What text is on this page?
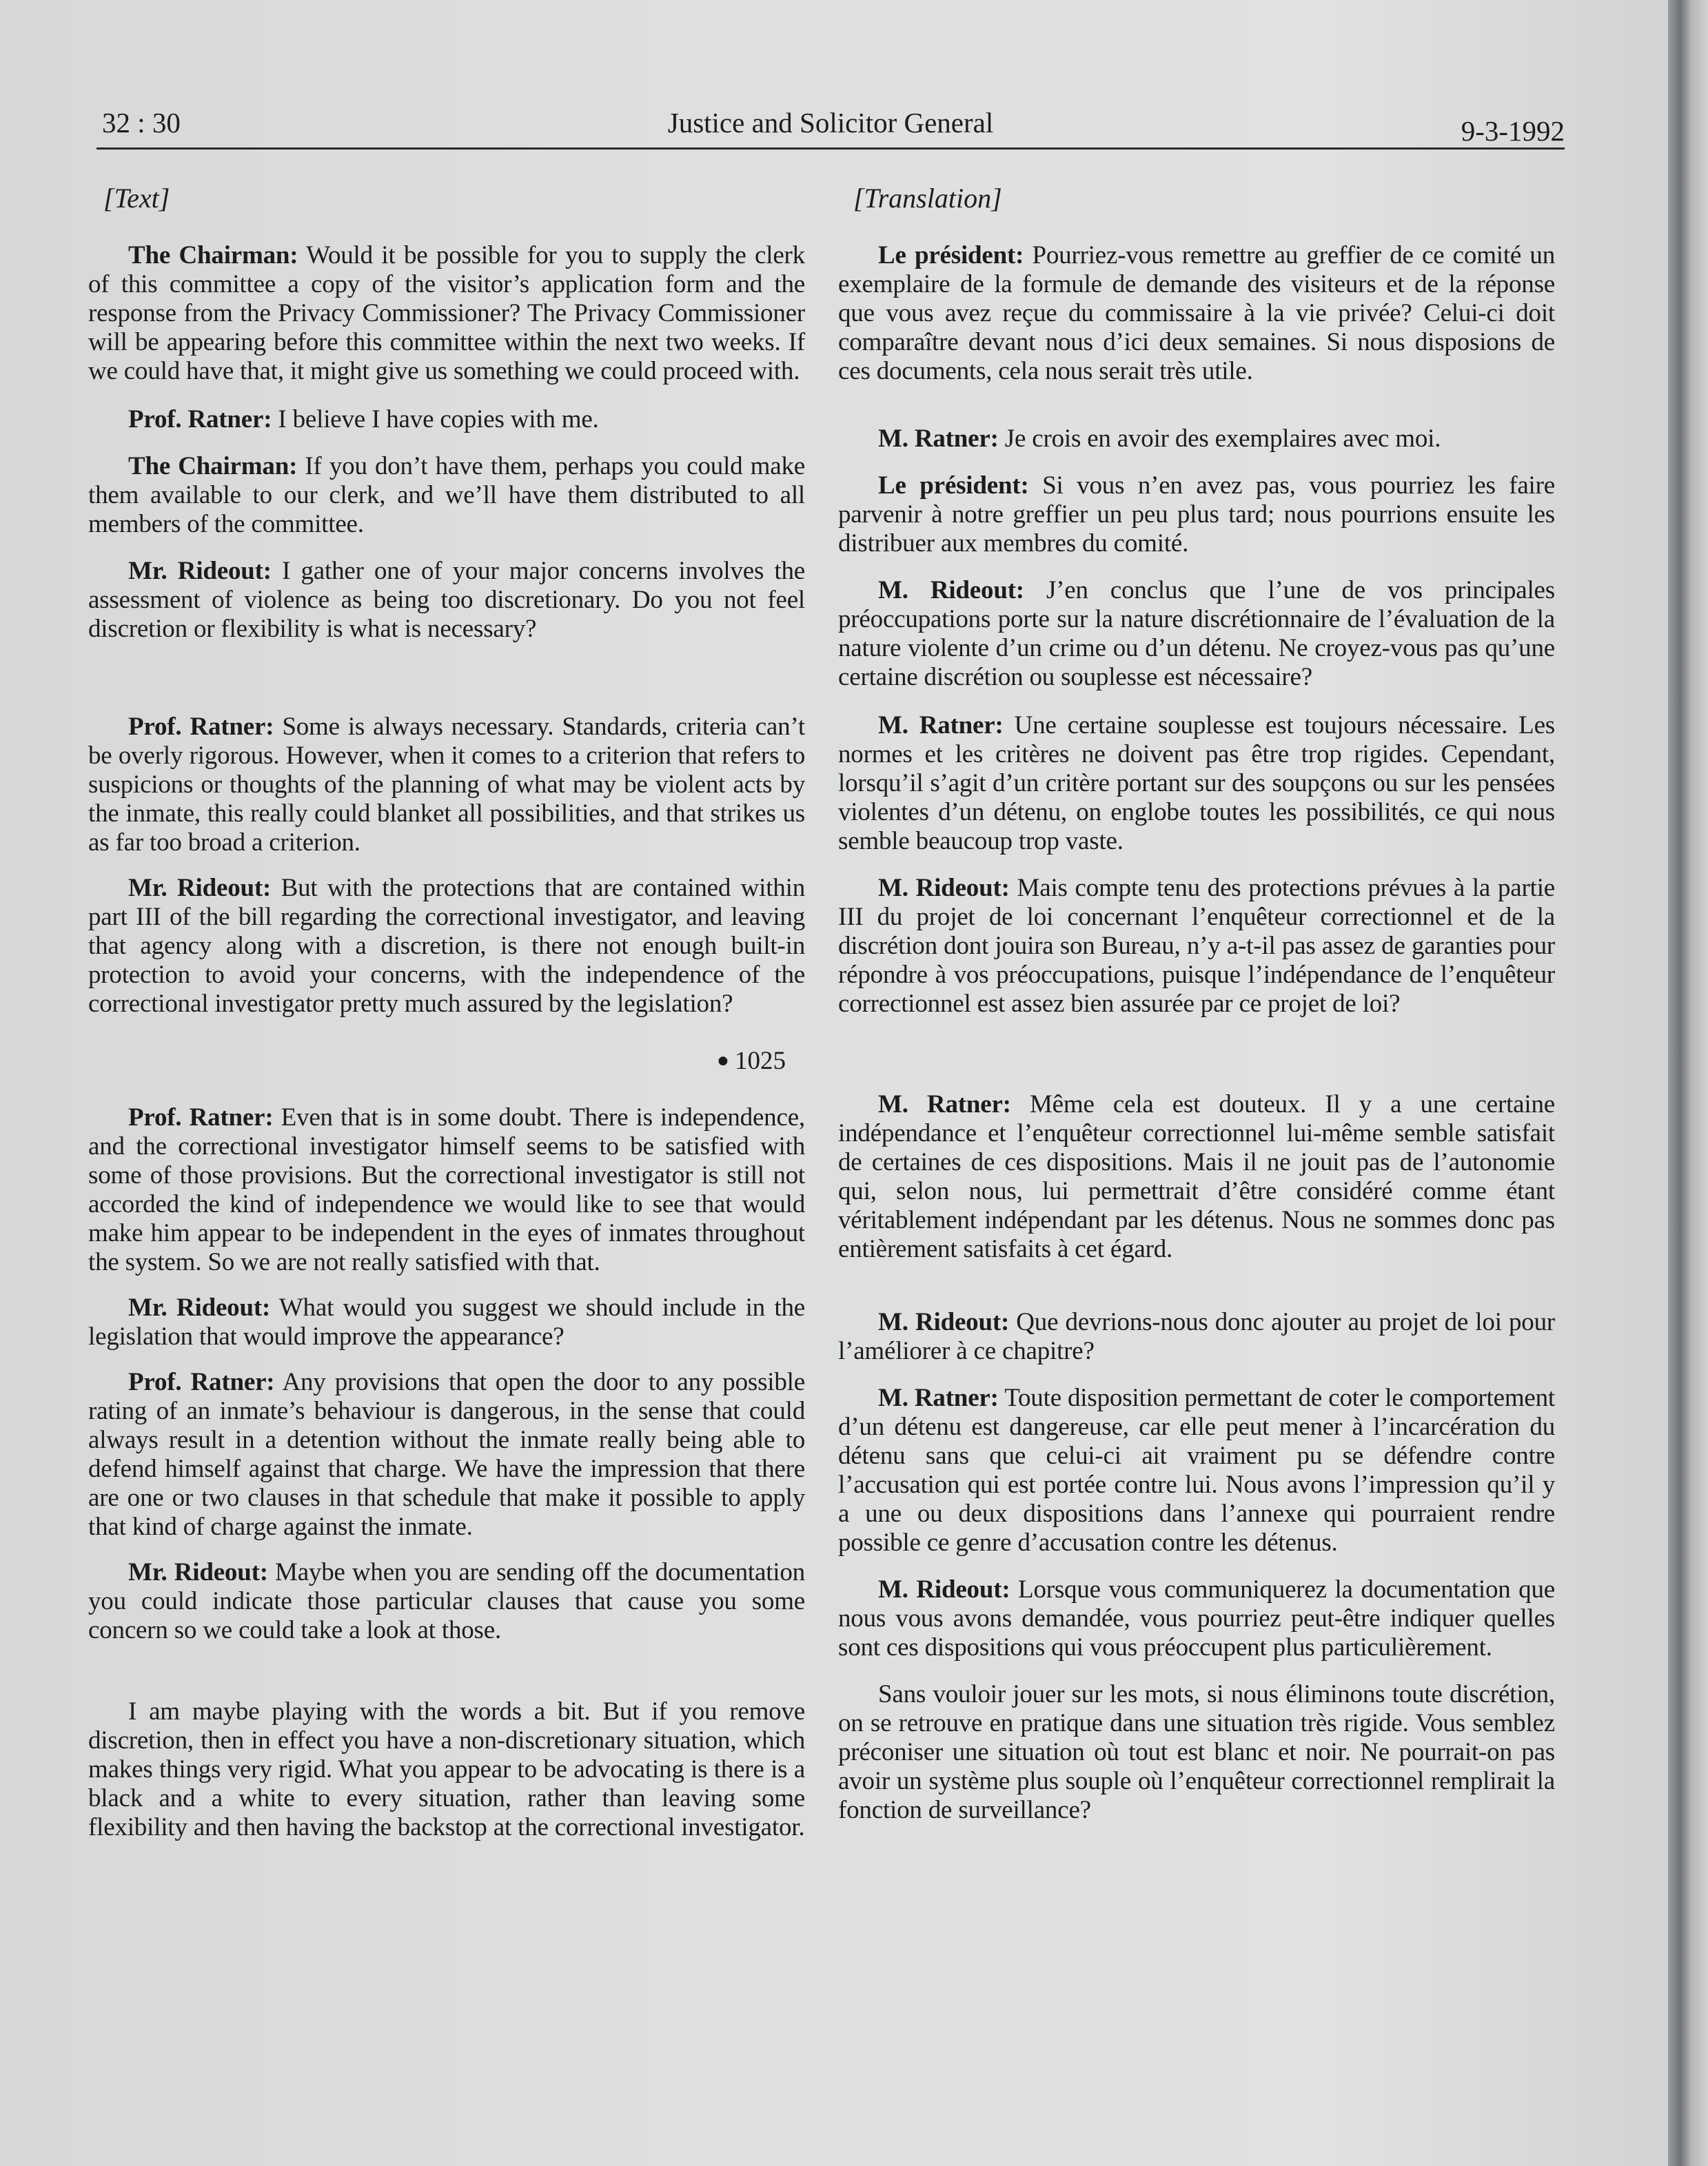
32 : 30	Justice and Solicitor General	9-3-1992
[Text]

The Chairman: Would it be possible for you to supply the clerk of this committee a copy of the visitor’s application form and the response from the Privacy Commissioner? The Privacy Commissioner will be appearing before this committee within the next two weeks. If we could have that, it might give us something we could proceed with.

Prof. Ratner: I believe I have copies with me.

The Chairman: If you don’t have them, perhaps you could make them available to our clerk, and we’ll have them distributed to all members of the committee.

Mr. Rideout: I gather one of your major concerns involves the assessment of violence as being too discretionary. Do you not feel discretion or flexibility is what is necessary?

Prof. Ratner: Some is always necessary. Standards, criteria can’t be overly rigorous. However, when it comes to a criterion that refers to suspicions or thoughts of the planning of what may be violent acts by the inmate, this really could blanket all possibilities, and that strikes us as far too broad a criterion.

Mr. Rideout: But with the protections that are contained within part III of the bill regarding the correctional investigator, and leaving that agency along with a discretion, is there not enough built-in protection to avoid your concerns, with the independence of the correctional investigator pretty much assured by the legislation?

● 1025

Prof. Ratner: Even that is in some doubt. There is independence, and the correctional investigator himself seems to be satisfied with some of those provisions. But the correctional investigator is still not accorded the kind of independence we would like to see that would make him appear to be independent in the eyes of inmates throughout the system. So we are not really satisfied with that.

Mr. Rideout: What would you suggest we should include in the legislation that would improve the appearance?

Prof. Ratner: Any provisions that open the door to any possible rating of an inmate’s behaviour is dangerous, in the sense that could always result in a detention without the inmate really being able to defend himself against that charge. We have the impression that there are one or two clauses in that schedule that make it possible to apply that kind of charge against the inmate.

Mr. Rideout: Maybe when you are sending off the documentation you could indicate those particular clauses that cause you some concern so we could take a look at those.

I am maybe playing with the words a bit. But if you remove discretion, then in effect you have a non-discretionary situation, which makes things very rigid. What you appear to be advocating is there is a black and a white to every situation, rather than leaving some flexibility and then having the backstop at the correctional investigator.

[Translation]

Le président: Pourriez-vous remettre au greffier de ce comité un exemplaire de la formule de demande des visiteurs et de la réponse que vous avez reçue du commissaire à la vie privée? Celui-ci doit comparaître devant nous d’ici deux semaines. Si nous disposions de ces documents, cela nous serait très utile.

M. Ratner: Je crois en avoir des exemplaires avec moi.

Le président: Si vous n’en avez pas, vous pourriez les faire parvenir à notre greffier un peu plus tard; nous pourrions ensuite les distribuer aux membres du comité.

M. Rideout: J’en conclus que l’une de vos principales préoccupations porte sur la nature discrétionnaire de l’évaluation de la nature violente d’un crime ou d’un détenu. Ne croyez-vous pas qu’une certaine discrétion ou souplesse est nécessaire?

M. Ratner: Une certaine souplesse est toujours nécessaire. Les normes et les critères ne doivent pas être trop rigides. Cependant, lorsqu’il s’agit d’un critère portant sur des soupçons ou sur les pensées violentes d’un détenu, on englobe toutes les possibilités, ce qui nous semble beaucoup trop vaste.

M. Rideout: Mais compte tenu des protections prévues à la partie III du projet de loi concernant l’enquêteur correctionnel et de la discrétion dont jouira son Bureau, n’y a-t-il pas assez de garanties pour répondre à vos préoccupations, puisque l’indépendance de l’enquêteur correctionnel est assez bien assurée par ce projet de loi?

M. Ratner: Même cela est douteux. Il y a une certaine indépendance et l’enquêteur correctionnel lui-même semble satisfait de certaines de ces dispositions. Mais il ne jouit pas de l’autonomie qui, selon nous, lui permettrait d’être considéré comme étant véritablement indépendant par les détenus. Nous ne sommes donc pas entièrement satisfaits à cet égard.

M. Rideout: Que devrions-nous donc ajouter au projet de loi pour l’améliorer à ce chapitre?

M. Ratner: Toute disposition permettant de coter le comportement d’un détenu est dangereuse, car elle peut mener à l’incarcération du détenu sans que celui-ci ait vraiment pu se défendre contre l’accusation qui est portée contre lui. Nous avons l’impression qu’il y a une ou deux dispositions dans l’annexe qui pourraient rendre possible ce genre d’accusation contre les détenus.

M. Rideout: Lorsque vous communiquerez la documentation que nous vous avons demandée, vous pourriez peut-être indiquer quelles sont ces dispositions qui vous préoccupent plus particulièrement.

Sans vouloir jouer sur les mots, si nous éliminons toute discrétion, on se retrouve en pratique dans une situation très rigide. Vous semblez préconiser une situation où tout est blanc et noir. Ne pourrait-on pas avoir un système plus souple où l’enquêteur correctionnel remplirait la fonction de surveillance?
